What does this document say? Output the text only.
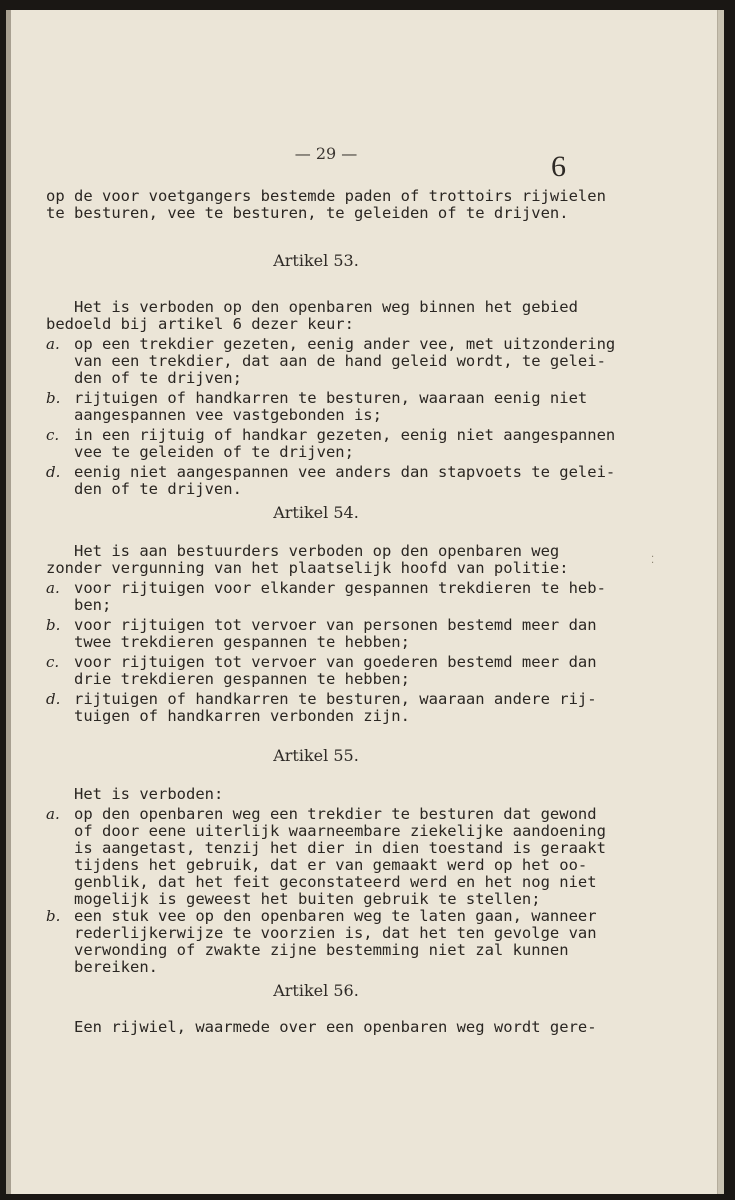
⁚
— 29 —	6
op de voor voetgangers bestemde paden of trottoirs rijwielen
te besturen, vee te besturen, te geleiden of te drijven.
Artikel 53.
Het is verboden op den openbaren weg binnen het gebied
bedoeld bij artikel 6 dezer keur:
a. op een trekdier gezeten, eenig ander vee, met uitzondering
van een trekdier, dat aan de hand geleid wordt, te gelei-
den of te drijven;
b. rijtuigen of handkarren te besturen, waaraan eenig niet
aangespannen vee vastgebonden is;
c. in een rijtuig of handkar gezeten, eenig niet aangespannen
vee te geleiden of te drijven;
d. eenig niet aangespannen vee anders dan stapvoets te gelei-
den of te drijven.
Artikel 54.
Het is aan bestuurders verboden op den openbaren weg
zonder vergunning van het plaatselijk hoofd van politie:
a. voor rijtuigen voor elkander gespannen trekdieren te heb-
ben;
b. voor rijtuigen tot vervoer van personen bestemd meer dan
twee trekdieren gespannen te hebben;
c. voor rijtuigen tot vervoer van goederen bestemd meer dan
drie trekdieren gespannen te hebben;
d. rijtuigen of handkarren te besturen, waaraan andere rij-
tuigen of handkarren verbonden zijn.
Artikel 55.
Het is verboden:
a. op den openbaren weg een trekdier te besturen dat gewond
of door eene uiterlijk waarneembare ziekelijke aandoening
is aangetast, tenzij het dier in dien toestand is geraakt
tijdens het gebruik, dat er van gemaakt werd op het oo-
genblik, dat het feit geconstateerd werd en het nog niet
mogelijk is geweest het buiten gebruik te stellen;
b. een stuk vee op den openbaren weg te laten gaan, wanneer
rederlijkerwijze te voorzien is, dat het ten gevolge van
verwonding of zwakte zijne bestemming niet zal kunnen
bereiken.
Artikel 56.
Een rijwiel, waarmede over een openbaren weg wordt gere-
